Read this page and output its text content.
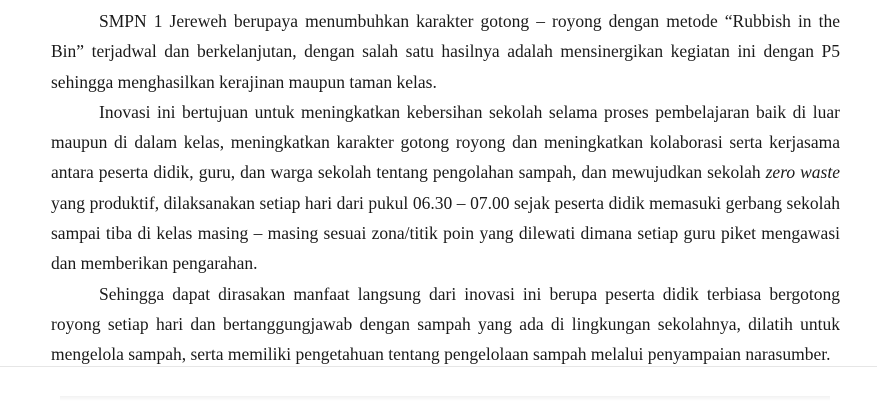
SMPN 1 Jereweh berupaya menumbuhkan karakter gotong – royong dengan metode “Rubbish in the Bin” terjadwal dan berkelanjutan, dengan salah satu hasilnya adalah mensinergikan kegiatan ini dengan P5 sehingga menghasilkan kerajinan maupun taman kelas.

Inovasi ini bertujuan untuk meningkatkan kebersihan sekolah selama proses pembelajaran baik di luar maupun di dalam kelas, meningkatkan karakter gotong royong dan meningkatkan kolaborasi serta kerjasama antara peserta didik, guru, dan warga sekolah tentang pengolahan sampah, dan mewujudkan sekolah zero waste yang produktif, dilaksanakan setiap hari dari pukul 06.30 – 07.00 sejak peserta didik memasuki gerbang sekolah sampai tiba di kelas masing – masing sesuai zona/titik poin yang dilewati dimana setiap guru piket mengawasi dan memberikan pengarahan.

Sehingga dapat dirasakan manfaat langsung dari inovasi ini berupa peserta didik terbiasa bergotong royong setiap hari dan bertanggungjawab dengan sampah yang ada di lingkungan sekolahnya, dilatih untuk mengelola sampah, serta memiliki pengetahuan tentang pengelolaan sampah melalui penyampaian narasumber.
